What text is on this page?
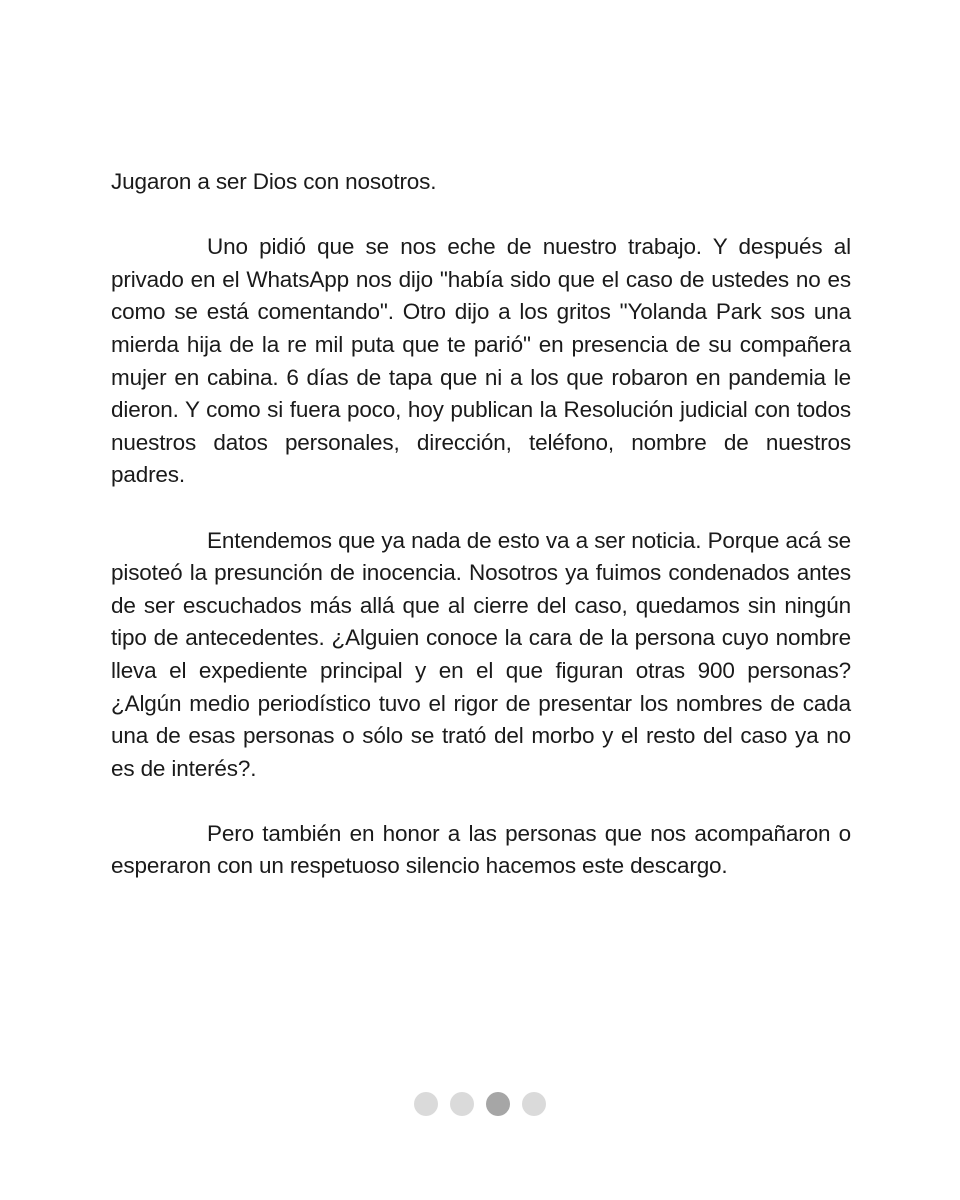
Jugaron a ser Dios con nosotros.

Uno pidió que se nos eche de nuestro trabajo. Y después al privado en el WhatsApp nos dijo "había sido que el caso de ustedes no es como se está comentando". Otro dijo a los gritos "Yolanda Park sos una mierda hija de la re mil puta que te parió" en presencia de su compañera mujer en cabina. 6 días de tapa que ni a los que robaron en pandemia le dieron. Y como si fuera poco, hoy publican la Resolución judicial con todos nuestros datos personales, dirección, teléfono, nombre de nuestros padres.

Entendemos que ya nada de esto va a ser noticia. Porque acá se pisoteó la presunción de inocencia. Nosotros ya fuimos condenados antes de ser escuchados más allá que al cierre del caso, quedamos sin ningún tipo de antecedentes. ¿Alguien conoce la cara de la persona cuyo nombre lleva el expediente principal y en el que figuran otras 900 personas? ¿Algún medio periodístico tuvo el rigor de presentar los nombres de cada una de esas personas o sólo se trató del morbo y el resto del caso ya no es de interés?.

Pero también en honor a las personas que nos acompañaron o esperaron con un respetuoso silencio hacemos este descargo.
